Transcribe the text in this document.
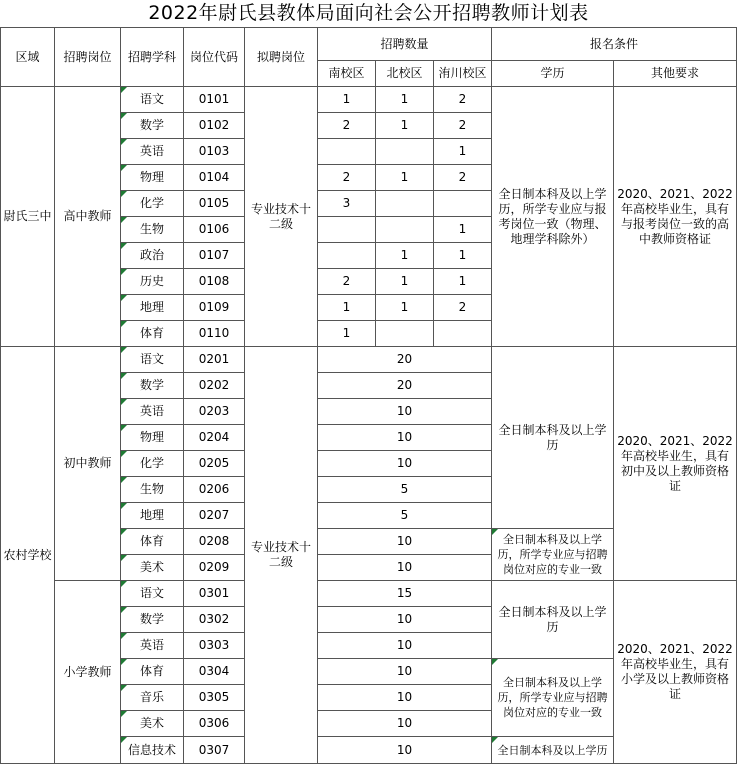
2022年尉氏县教体局面向社会公开招聘教师计划表
区域	招聘岗位	招聘学科	岗位代码	拟聘岗位	招聘数量			报名条件	
					南校区	北校区	洧川校区	学历	其他要求
尉氏三中	高中教师	语文	0101	专业技术十二级	1	1	2	全日制本科及以上学历，所学专业应与报考岗位一致（物理、地理学科除外）	2020、2021、2022年高校毕业生，具有与报考岗位一致的高中教师资格证
		数学	0102		2	1	2		
		英语	0103				1		
		物理	0104		2	1	2		
		化学	0105		3				
		生物	0106				1		
		政治	0107			1	1		
		历史	0108		2	1	1		
		地理	0109		1	1	2		
		体育	0110		1				
农村学校	初中教师	语文	0201	专业技术十二级	20			全日制本科及以上学历	2020、2021、2022年高校毕业生，具有初中及以上教师资格证
		数学	0202		20				
		英语	0203		10				
		物理	0204		10				
		化学	0205		10				
		生物	0206		5				
		地理	0207		5				
		体育	0208		10			全日制本科及以上学历，所学专业应与招聘岗位对应的专业一致	
		美术	0209		10				
	小学教师	语文	0301		15			全日制本科及以上学历	2020、2021、2022年高校毕业生，具有小学及以上教师资格证
		数学	0302		10				
		英语	0303		10				
		体育	0304		10			全日制本科及以上学历，所学专业应与招聘岗位对应的专业一致	
		音乐	0305		10				
		美术	0306		10				
		信息技术	0307		10			全日制本科及以上学历	
